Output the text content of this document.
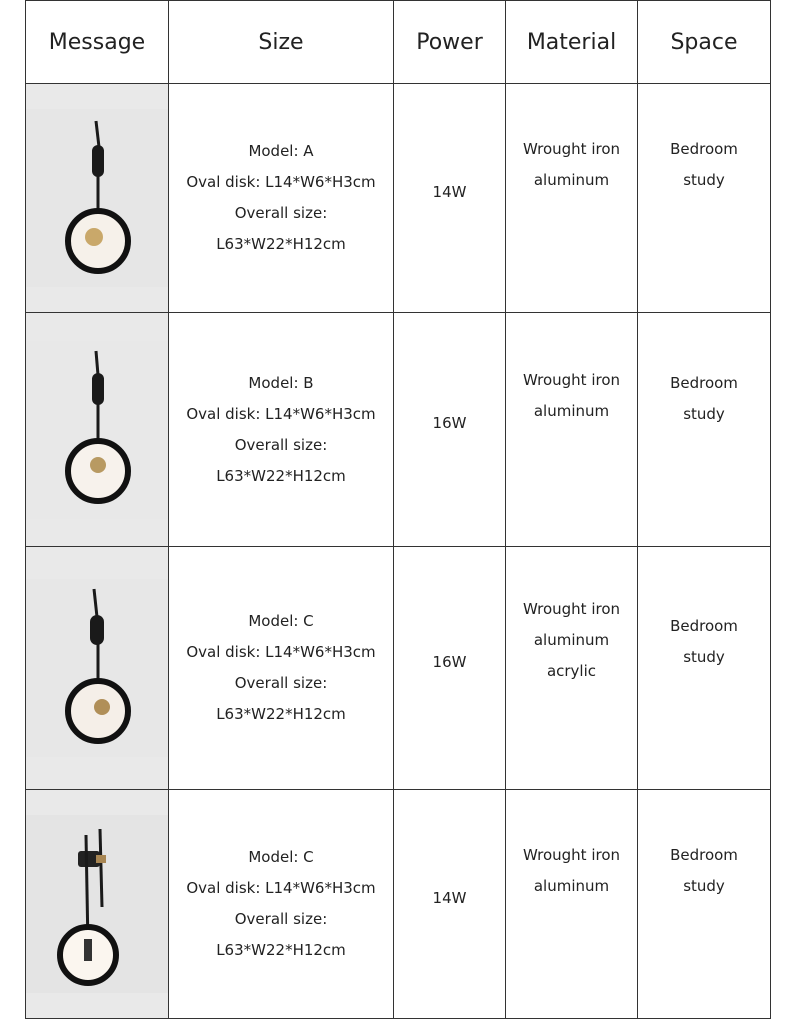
Message	Size	Power	Material	Space

Model: A
Oval disk: L14*W6*H3cm
Overall size: L63*W22*H12cm	14W	Wrought iron
aluminum	Bedroom
study

Model: B
Oval disk: L14*W6*H3cm
Overall size: L63*W22*H12cm	16W	Wrought iron
aluminum	Bedroom
study

Model: C
Oval disk: L14*W6*H3cm
Overall size: L63*W22*H12cm	16W	Wrought iron
aluminum
acrylic	Bedroom
study

Model: C
Oval disk: L14*W6*H3cm
Overall size: L63*W22*H12cm	14W	Wrought iron
aluminum	Bedroom
study
